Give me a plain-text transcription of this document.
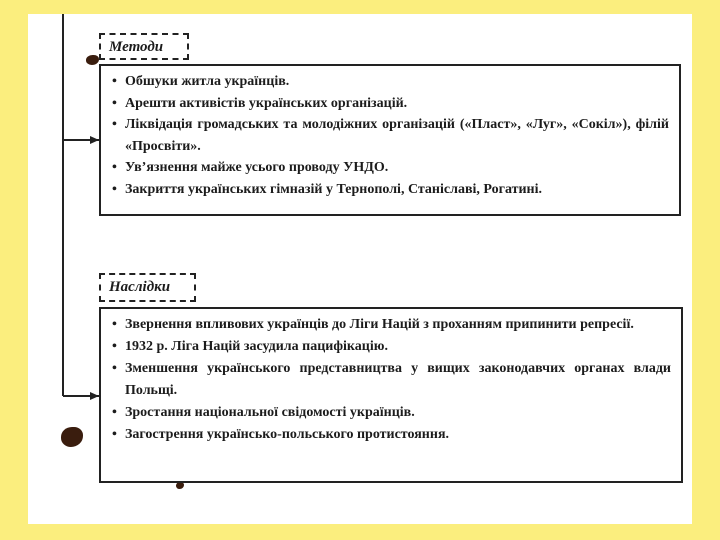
Методи
• Обшуки житла українців.
• Арешти активістів українських організацій.
• Ліквідація громадських та молодіжних організацій («Пласт», «Луг», «Сокіл»), філій «Просвіти».
• Ув’язнення майже усього проводу УНДО.
• Закриття українських гімназій у Тернополі, Станіславі, Рогатині.
Наслідки
• Звернення впливових українців до Ліги Націй з проханням припинити репресії.
• 1932 р. Ліга Націй засудила пацифікацію.
• Зменшення українського представництва у вищих законодавчих органах влади Польщі.
• Зростання національної свідомості українців.
• Загострення українсько-польського протистояння.
